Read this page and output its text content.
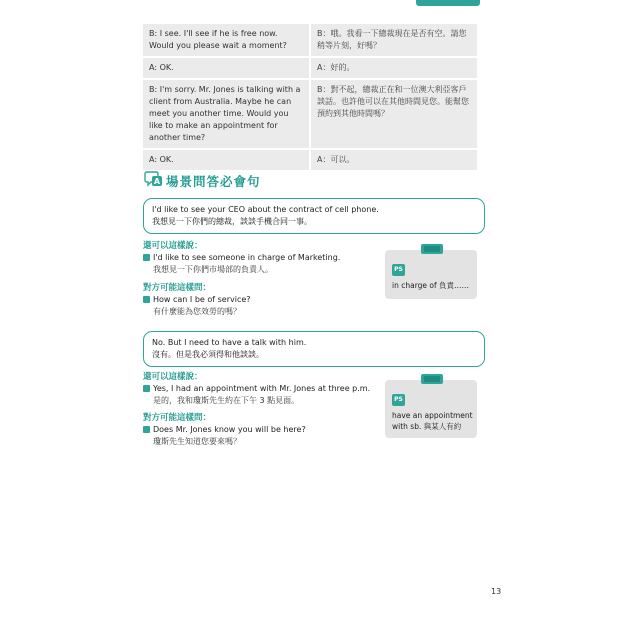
B: I see. I'll see if he is free now. Would you please wait a moment?	B：哦。我看一下總裁現在是否有空。請您稍等片刻，好嗎？
A: OK.	A：好的。
B: I'm sorry. Mr. Jones is talking with a client from Australia. Maybe he can meet you another time. Would you like to make an appointment for another time?	B：對不起，總裁正在和一位澳大利亞客戶談話。也許他可以在其他時間見您。能幫您預約到其他時間嗎？
A: OK.	A：可以。
A 場景問答必會句
I'd like to see your CEO about the contract of cell phone.
我想見一下你們的總裁，談談手機合同一事。
還可以這樣說：
I'd like to see someone in charge of Marketing.
我想見一下你們市場部的負責人。
對方可能這樣問：
How can I be of service?
有什麼能為您效勞的嗎？
PS
in charge of 負責……
No. But I need to have a talk with him.
沒有。但是我必須得和他談談。
還可以這樣說：
Yes, I had an appointment with Mr. Jones at three p.m.
是的，我和瓊斯先生約在下午 3 點見面。
對方可能這樣問：
Does Mr. Jones know you will be here?
瓊斯先生知道您要來嗎？
PS
have an appointment
with sb. 與某人有約
13
